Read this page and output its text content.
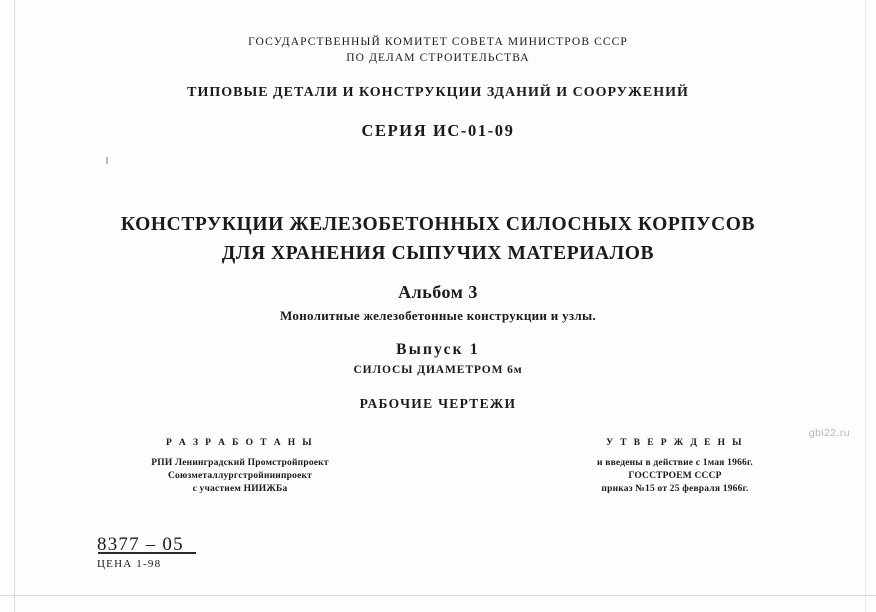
ГОСУДАРСТВЕННЫЙ КОМИТЕТ СОВЕТА МИНИСТРОВ СССР
ПО ДЕЛАМ СТРОИТЕЛЬСТВА
ТИПОВЫЕ ДЕТАЛИ И КОНСТРУКЦИИ ЗДАНИЙ И СООРУЖЕНИЙ
СЕРИЯ ИС-01-09
КОНСТРУКЦИИ ЖЕЛЕЗОБЕТОННЫХ СИЛОСНЫХ КОРПУСОВ
ДЛЯ ХРАНЕНИЯ СЫПУЧИХ МАТЕРИАЛОВ
Альбом 3
Монолитные железобетонные конструкции и узлы.
Выпуск 1
СИЛОСЫ ДИАМЕТРОМ 6м
РАБОЧИЕ ЧЕРТЕЖИ
Р А З Р А Б О Т А Н Ы
РПИ Ленинградский Промстройпроект
Союзметаллургстройниипроект
с участием НИИЖБа
У Т В Е Р Ж Д Е Н Ы
и введены в действие с 1мая 1966г.
ГОССТРОЕМ СССР
приказ №15 от 25 февраля 1966г.
8377 – 05
ЦЕНА 1-98
gbi22.ru
